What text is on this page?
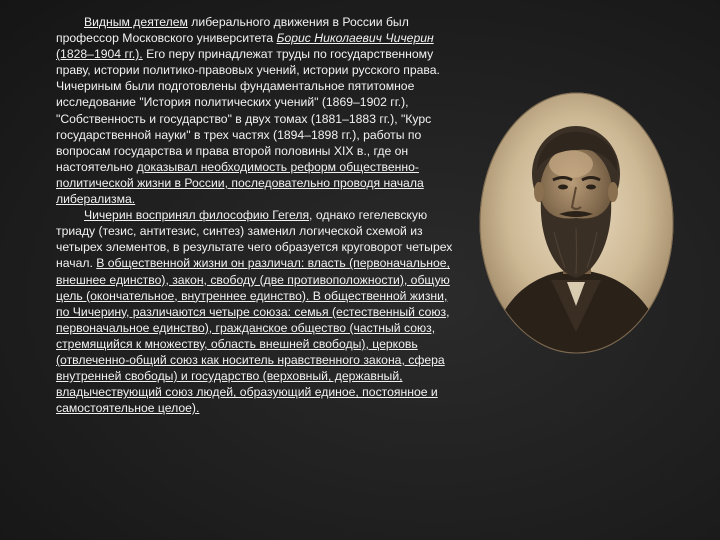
Видным деятелем либерального движения в России был профессор Московского университета Борис Николаевич Чичерин (1828–1904 гг.). Его перу принадлежат труды по государственному праву, истории политико-правовых учений, истории русского права. Чичериным были подготовлены фундаментальное пятитомное исследование "История политических учений" (1869–1902 гг.), "Собственность и государство" в двух томах (1881–1883 гг.), "Курс государственной науки" в трех частях (1894–1898 гг.), работы по вопросам государства и права второй половины XIX в., где он настоятельно доказывал необходимость реформ общественно-политической жизни в России, последовательно проводя начала либерализма.

Чичерин воспринял философию Гегеля, однако гегелевскую триаду (тезис, антитезис, синтез) заменил логической схемой из четырех элементов, в результате чего образуется круговорот четырех начал. В общественной жизни он различал: власть (первоначальное, внешнее единство), закон, свободу (две противоположности), общую цель (окончательное, внутреннее единство). В общественной жизни, по Чичерину, различаются четыре союза: семья (естественный союз, первоначальное единство), гражданское общество (частный союз, стремящийся к множеству, область внешней свободы), церковь (отвлеченно-общий союз как носитель нравственного закона, сфера внутренней свободы) и государство (верховный, державный, владычествующий союз людей, образующий единое, постоянное и самостоятельное целое).
